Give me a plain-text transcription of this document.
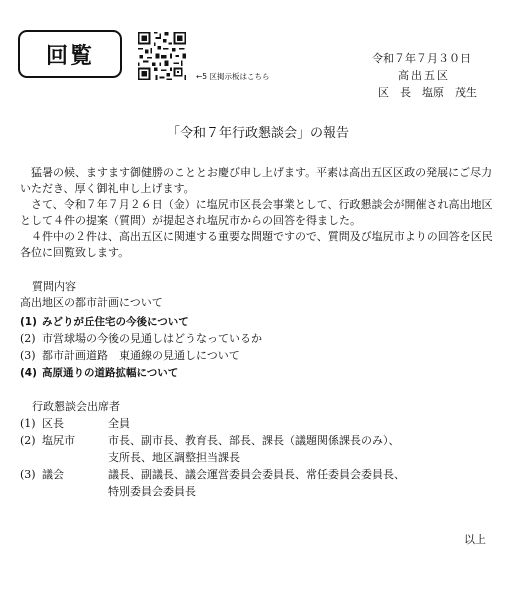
回覧
←5 区掲示板はこちら
令和７年７月３０日
高出五区
区　長　塩原　茂生
「令和７年行政懇談会」の報告

猛暑の候、ますます御健勝のこととお慶び申し上げます。平素は高出五区区政の発展にご尽力いただき、厚く御礼申し上げます。

さて、令和７年７月２６日（金）に塩尻市区長会事業として、行政懇談会が開催され高出地区として４件の提案（質問）が提起され塩尻市からの回答を得ました。

４件中の２件は、高出五区に関連する重要な問題ですので、質問及び塩尻市よりの回答を区民各位に回覧致します。

質問内容
高出地区の都市計画について
(1) みどりが丘住宅の今後について
(2) 市営球場の今後の見通しはどうなっているか
(3) 都市計画道路　東通線の見通しについて
(4) 高原通りの道路拡幅について
行政懇談会出席者
(1) 区長	全員
(2) 塩尻市	市長、副市長、教育長、部長、課長（議題関係課長のみ）、
支所長、地区調整担当課長
(3) 議会	議長、副議長、議会運営委員会委員長、常任委員会委員長、
特別委員会委員長
以上
